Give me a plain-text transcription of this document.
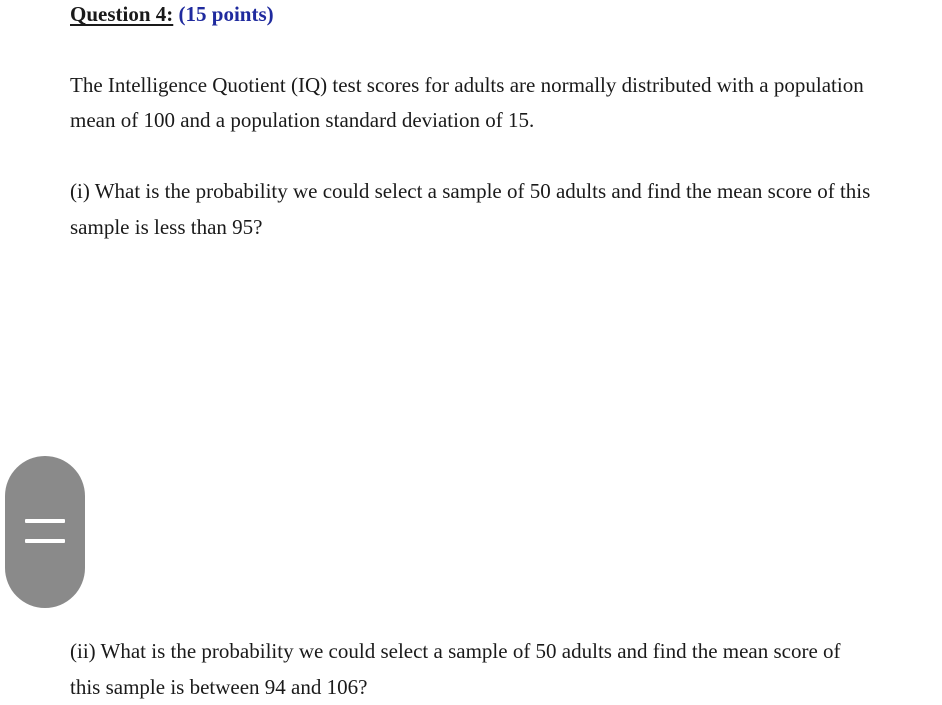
Question 4: (15 points)

The Intelligence Quotient (IQ) test scores for adults are normally distributed with a population

mean of 100 and a population standard deviation of 15.

(i) What is the probability we could select a sample of 50 adults and find the mean score of this

sample is less than 95?

(ii) What is the probability we could select a sample of 50 adults and find the mean score of

this sample is between 94 and 106?
